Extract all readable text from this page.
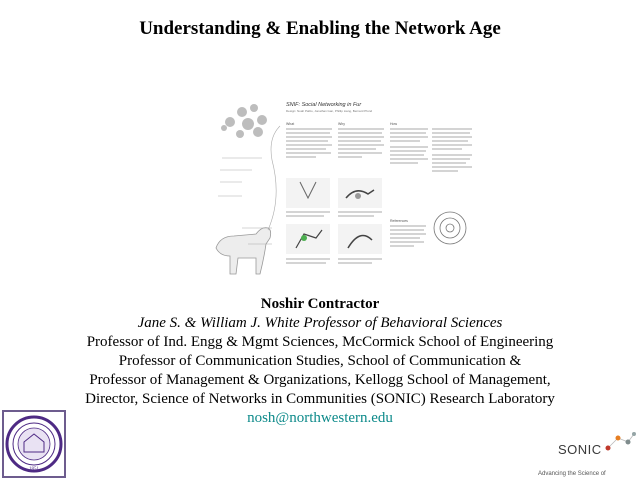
Understanding & Enabling the Network Age
SNIF: Social Networking in Fur
Design: Noah Pablo, Jonathan Gan, Phillip Liang, Bernard Pfund
What	Why	How
References
Noshir Contractor
Jane S. & William J. White Professor of Behavioral Sciences
Professor of Ind. Engg & Mgmt Sciences, McCormick School of Engineering
Professor of Communication Studies, School of Communication &
Professor of Management & Organizations, Kellogg School of Management,
Director, Science of Networks in Communities (SONIC) Research Laboratory
nosh@northwestern.edu
1851
SONIC
Advancing the Science of
